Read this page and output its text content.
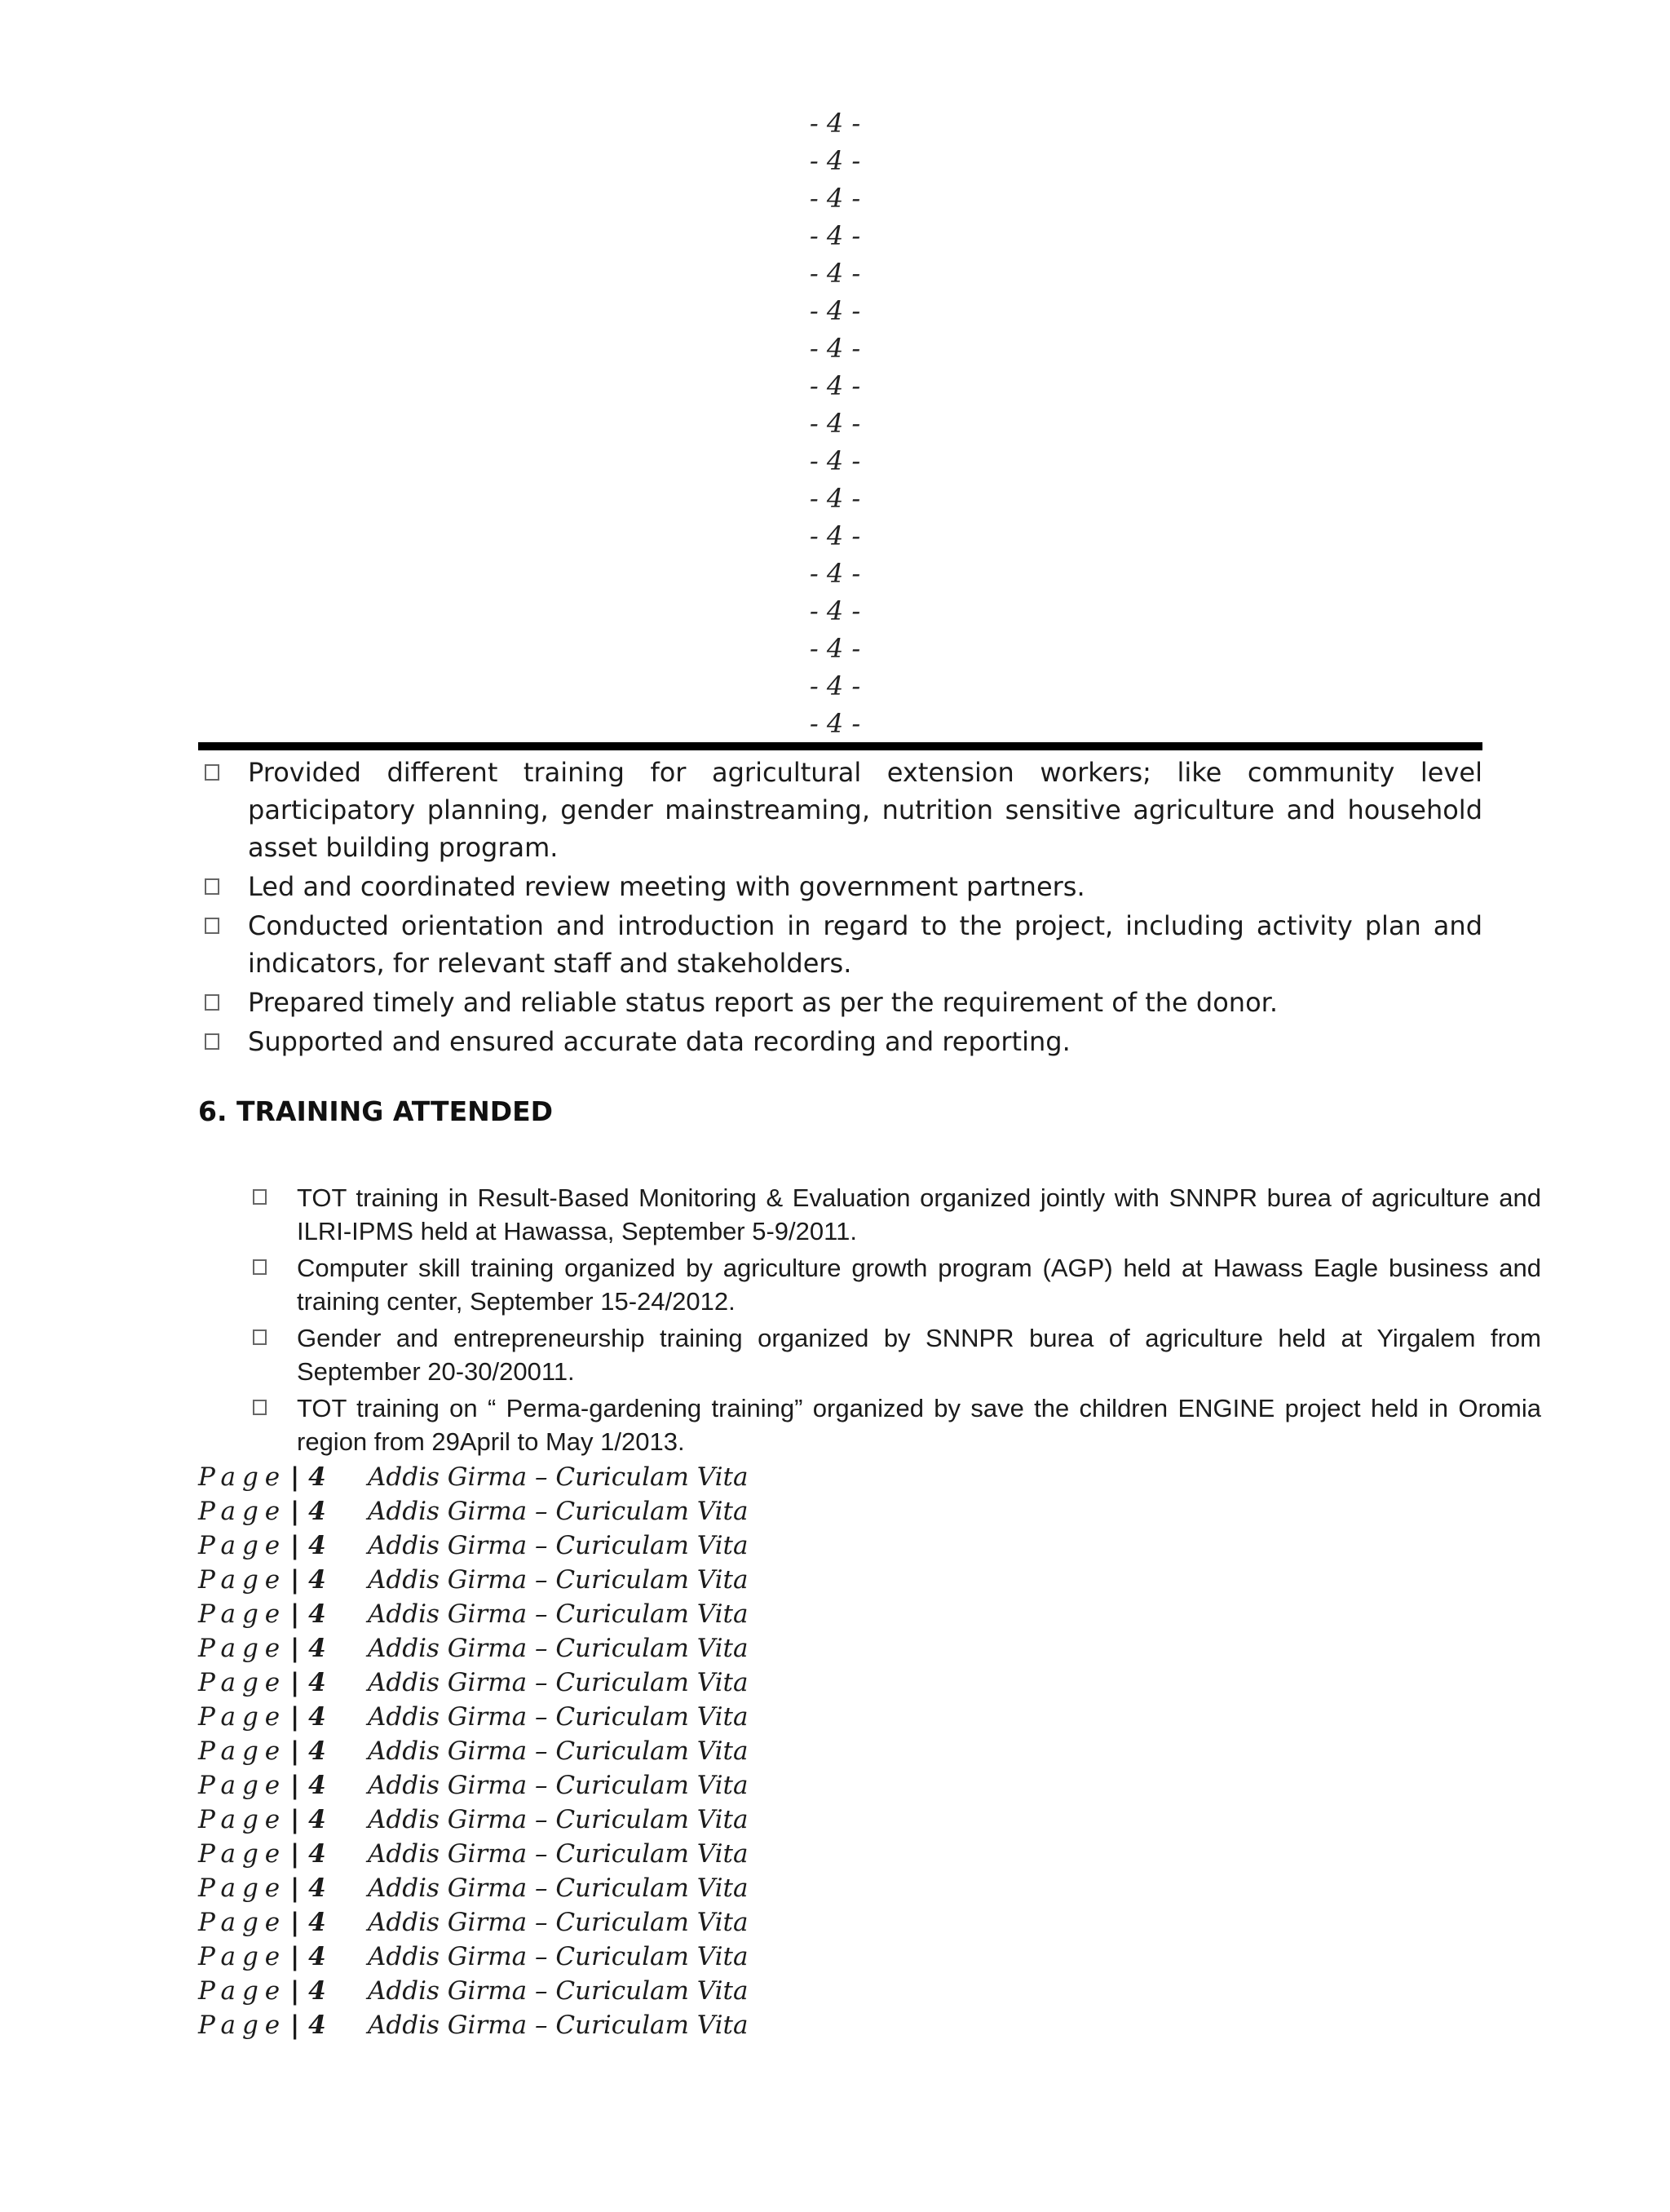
- 4 -
- 4 -
- 4 -
- 4 -
- 4 -
- 4 -
- 4 -
- 4 -
- 4 -
- 4 -
- 4 -
- 4 -
- 4 -
- 4 -
- 4 -
- 4 -
- 4 -
Provided different training for agricultural extension workers; like community level participatory planning, gender mainstreaming, nutrition sensitive agriculture and household asset building program.
Led and coordinated review meeting with government partners.
Conducted orientation and introduction in regard to the project, including activity plan and indicators, for relevant staff and stakeholders.
Prepared timely and reliable status report as per the requirement of the donor.
Supported and ensured accurate data recording and reporting.
6. TRAINING ATTENDED
TOT training in Result-Based Monitoring & Evaluation organized jointly with SNNPR burea of agriculture and ILRI-IPMS held at Hawassa, September 5-9/2011.
Computer skill training organized by agriculture growth program (AGP) held at Hawass Eagle business and training center, September 15-24/2012.
Gender and entrepreneurship training organized by SNNPR burea of agriculture held at Yirgalem from September 20-30/20011.
TOT training on “ Perma-gardening training” organized by save the children ENGINE project held in Oromia region from 29April to May 1/2013.
Page | 4 Addis Girma – Curiculam Vita
Page | 4 Addis Girma – Curiculam Vita
Page | 4 Addis Girma – Curiculam Vita
Page | 4 Addis Girma – Curiculam Vita
Page | 4 Addis Girma – Curiculam Vita
Page | 4 Addis Girma – Curiculam Vita
Page | 4 Addis Girma – Curiculam Vita
Page | 4 Addis Girma – Curiculam Vita
Page | 4 Addis Girma – Curiculam Vita
Page | 4 Addis Girma – Curiculam Vita
Page | 4 Addis Girma – Curiculam Vita
Page | 4 Addis Girma – Curiculam Vita
Page | 4 Addis Girma – Curiculam Vita
Page | 4 Addis Girma – Curiculam Vita
Page | 4 Addis Girma – Curiculam Vita
Page | 4 Addis Girma – Curiculam Vita
Page | 4 Addis Girma – Curiculam Vita
